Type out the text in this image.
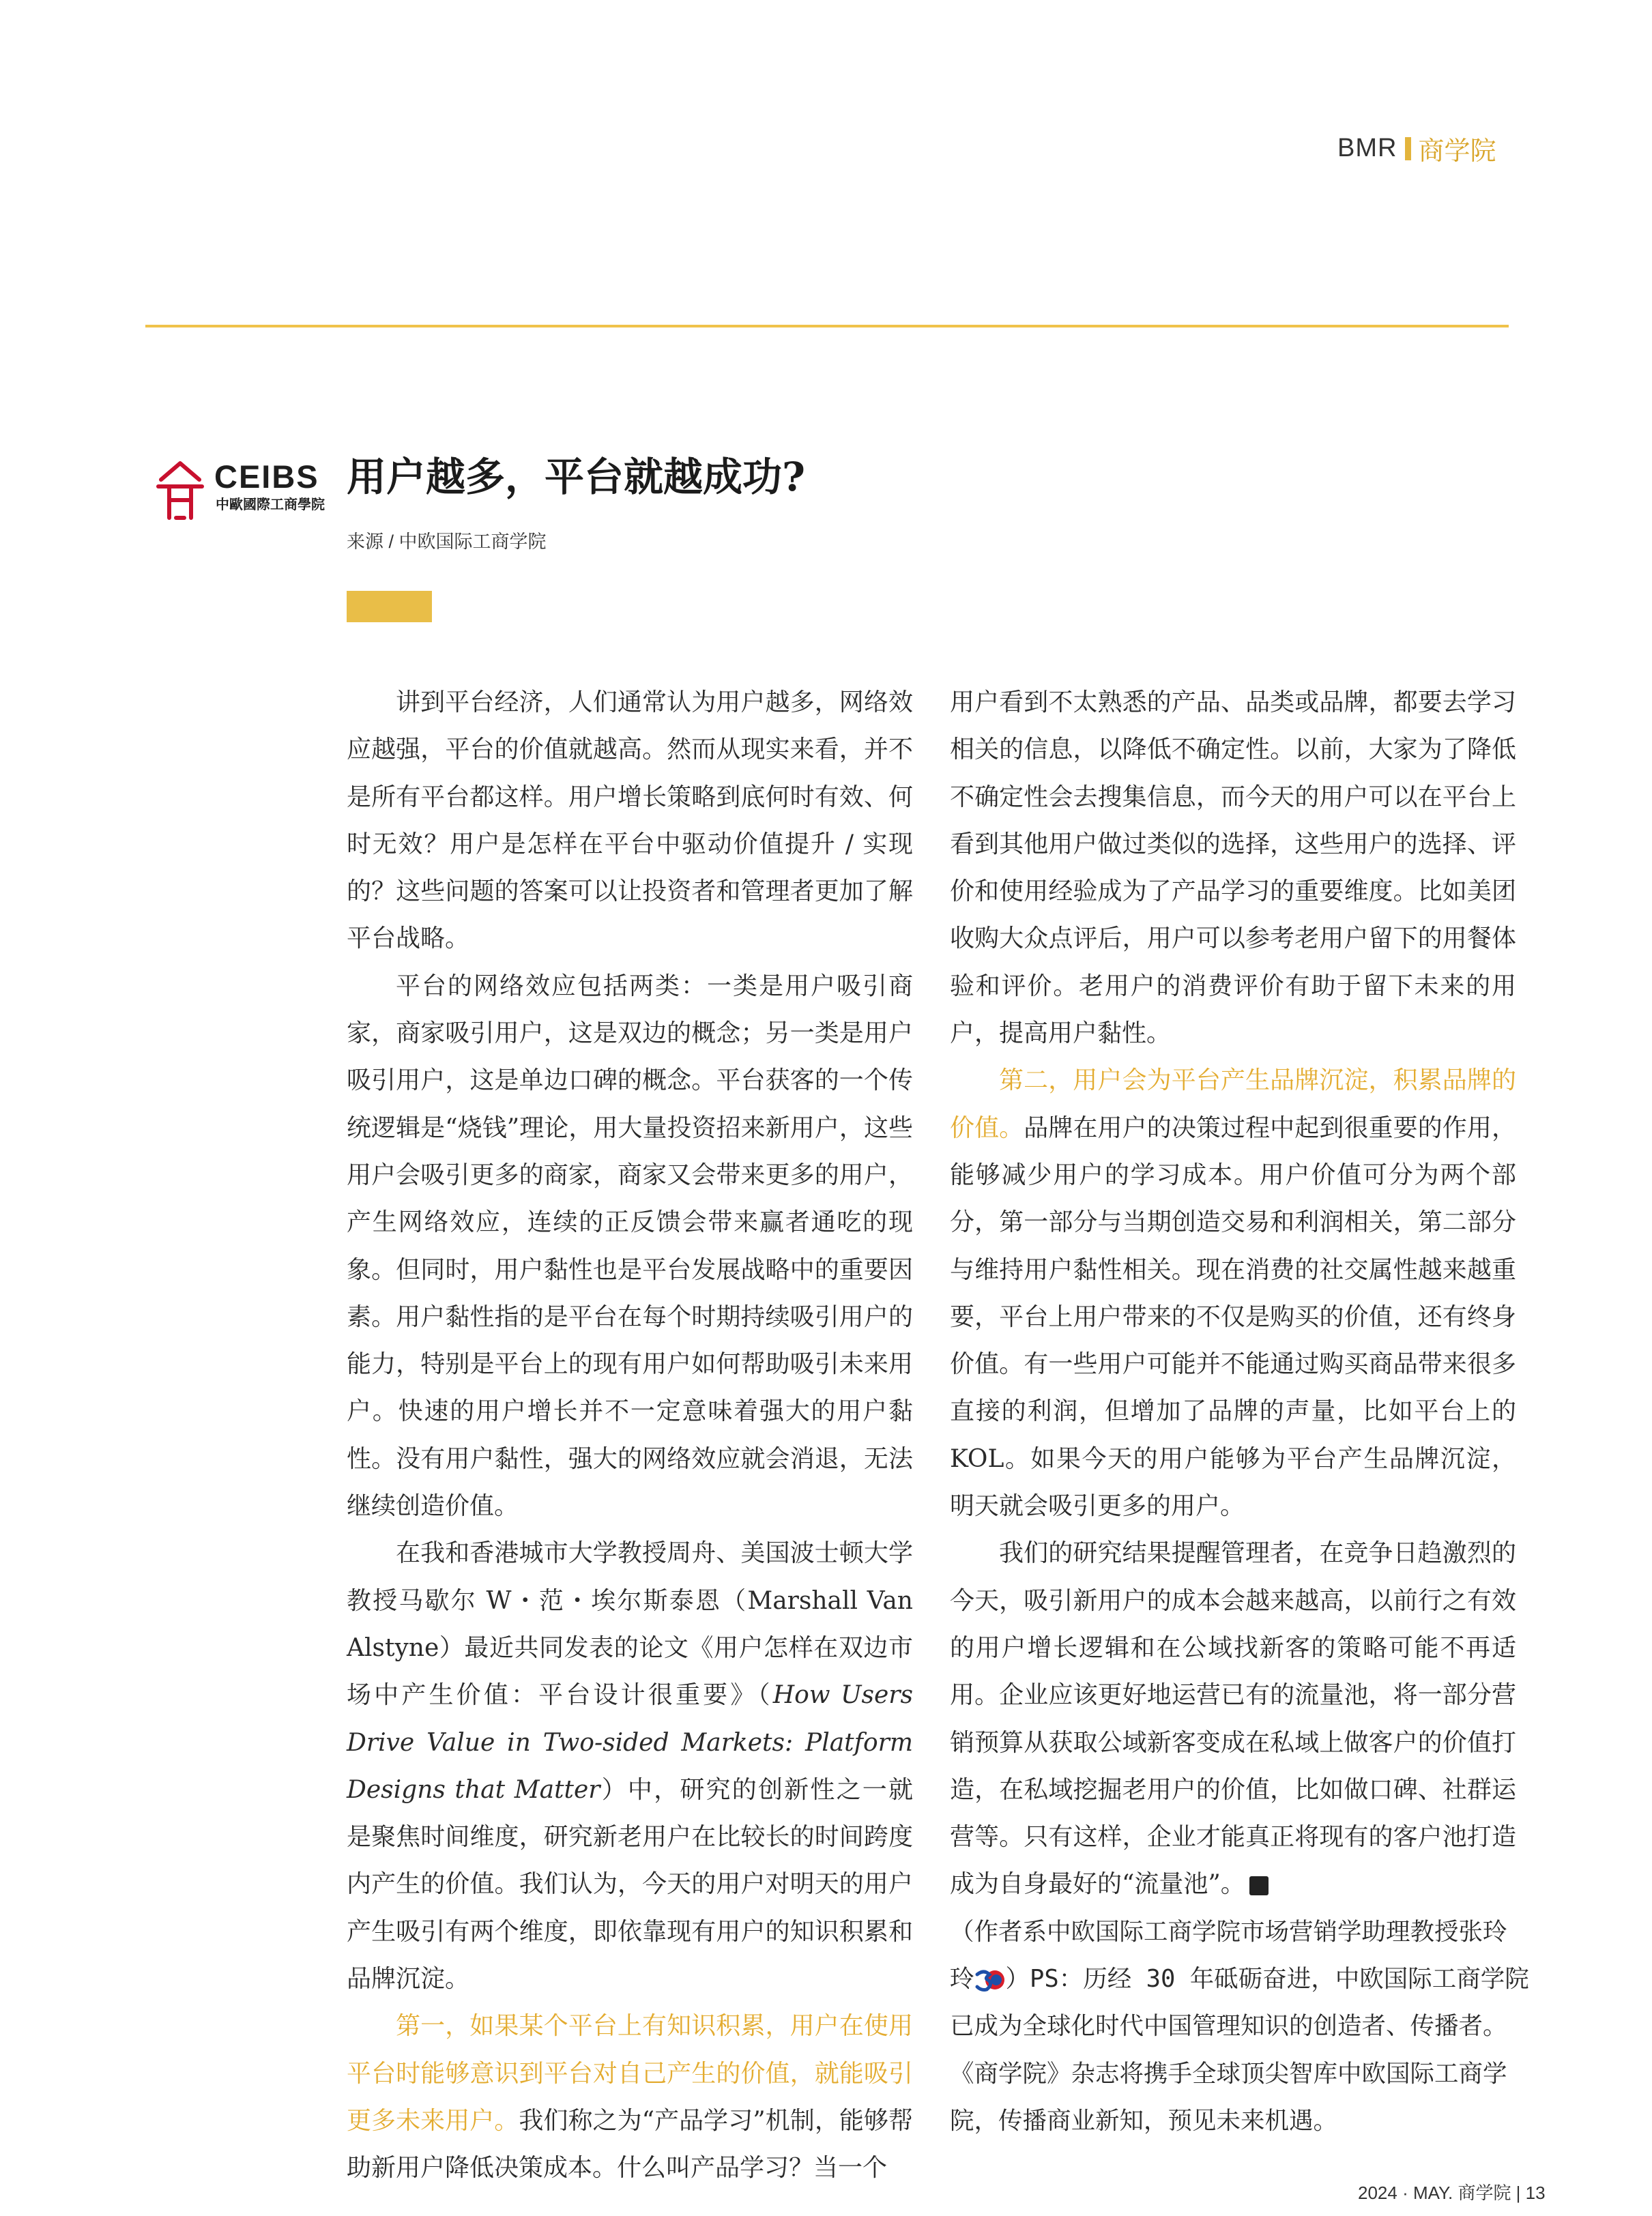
BMR 商学院
CEIBS
中歐國際工商學院
用户越多，平台就越成功?
来源 / 中欧国际工商学院

讲到平台经济，人们通常认为用户越多，网络效应越强，平台的价值就越高。然而从现实来看，并不是所有平台都这样。用户增长策略到底何时有效、何时无效？用户是怎样在平台中驱动价值提升 / 实现的？这些问题的答案可以让投资者和管理者更加了解平台战略。

平台的网络效应包括两类：一类是用户吸引商家，商家吸引用户，这是双边的概念；另一类是用户吸引用户，这是单边口碑的概念。平台获客的一个传统逻辑是“烧钱”理论，用大量投资招来新用户，这些用户会吸引更多的商家，商家又会带来更多的用户，产生网络效应，连续的正反馈会带来赢者通吃的现象。但同时，用户黏性也是平台发展战略中的重要因素。用户黏性指的是平台在每个时期持续吸引用户的能力，特别是平台上的现有用户如何帮助吸引未来用户。快速的用户增长并不一定意味着强大的用户黏性。没有用户黏性，强大的网络效应就会消退，无法继续创造价值。

在我和香港城市大学教授周舟、美国波士顿大学教授马歇尔 W・范・埃尔斯泰恩（Marshall Van Alstyne）最近共同发表的论文《用户怎样在双边市场中产生价值：平台设计很重要》（How Users Drive Value in Two-sided Markets: Platform Designs that Matter）中，研究的创新性之一就是聚焦时间维度，研究新老用户在比较长的时间跨度内产生的价值。我们认为，今天的用户对明天的用户产生吸引有两个维度，即依靠现有用户的知识积累和品牌沉淀。

第一，如果某个平台上有知识积累，用户在使用平台时能够意识到平台对自己产生的价值，就能吸引更多未来用户。我们称之为“产品学习”机制，能够帮助新用户降低决策成本。什么叫产品学习？当一个

用户看到不太熟悉的产品、品类或品牌，都要去学习相关的信息，以降低不确定性。以前，大家为了降低不确定性会去搜集信息，而今天的用户可以在平台上看到其他用户做过类似的选择，这些用户的选择、评价和使用经验成为了产品学习的重要维度。比如美团收购大众点评后，用户可以参考老用户留下的用餐体验和评价。老用户的消费评价有助于留下未来的用户，提高用户黏性。

第二，用户会为平台产生品牌沉淀，积累品牌的价值。品牌在用户的决策过程中起到很重要的作用，能够减少用户的学习成本。用户价值可分为两个部分，第一部分与当期创造交易和利润相关，第二部分与维持用户黏性相关。现在消费的社交属性越来越重要，平台上用户带来的不仅是购买的价值，还有终身价值。有一些用户可能并不能通过购买商品带来很多直接的利润，但增加了品牌的声量，比如平台上的 KOL。如果今天的用户能够为平台产生品牌沉淀，明天就会吸引更多的用户。

我们的研究结果提醒管理者，在竞争日趋激烈的今天，吸引新用户的成本会越来越高，以前行之有效的用户增长逻辑和在公域找新客的策略可能不再适用。企业应该更好地运营已有的流量池，将一部分营销预算从获取公域新客变成在私域上做客户的价值打造，在私域挖掘老用户的价值，比如做口碑、社群运营等。只有这样，企业才能真正将现有的客户池打造成为自身最好的“流量池”。	商

（作者系中欧国际工商学院市场营销学助理教授张玲
玲 ）PS：历经 30 年砥砺奋进，中欧国际工商学院
已成为全球化时代中国管理知识的创造者、传播者。
《商学院》杂志将携手全球顶尖智库中欧国际工商学
院，传播商业新知，预见未来机遇。
2024 · MAY. 商学院 | 13
